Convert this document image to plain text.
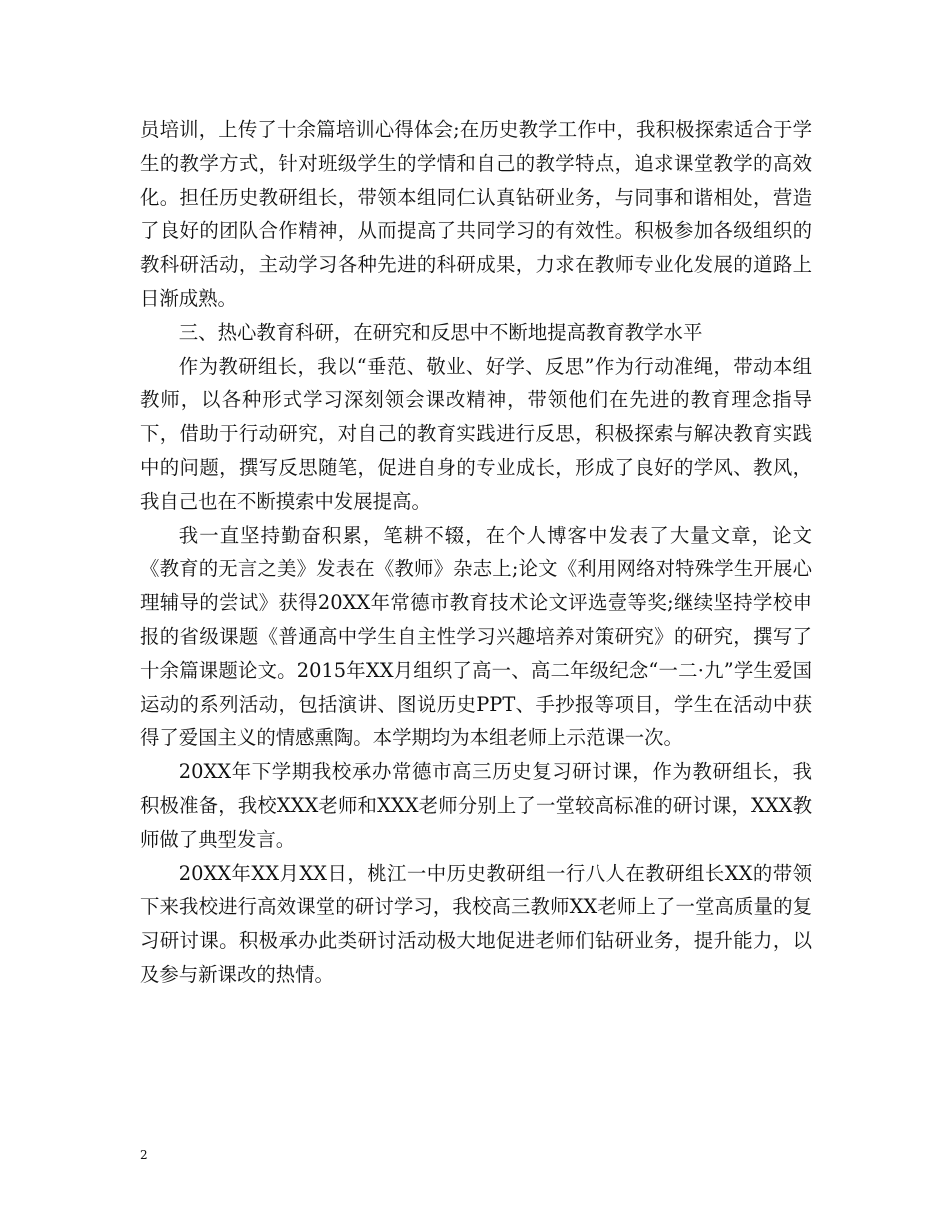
员培训，上传了十余篇培训心得体会;在历史教学工作中，我积极探索适合于学生的教学方式，针对班级学生的学情和自己的教学特点，追求课堂教学的高效化。担任历史教研组长，带领本组同仁认真钻研业务，与同事和谐相处，营造了良好的团队合作精神，从而提高了共同学习的有效性。积极参加各级组织的教科研活动，主动学习各种先进的科研成果，力求在教师专业化发展的道路上日渐成熟。

三、热心教育科研，在研究和反思中不断地提高教育教学水平

作为教研组长，我以“垂范、敬业、好学、反思”作为行动准绳，带动本组教师，以各种形式学习深刻领会课改精神，带领他们在先进的教育理念指导下，借助于行动研究，对自己的教育实践进行反思，积极探索与解决教育实践中的问题，撰写反思随笔，促进自身的专业成长，形成了良好的学风、教风，我自己也在不断摸索中发展提高。

我一直坚持勤奋积累，笔耕不辍，在个人博客中发表了大量文章，论文《教育的无言之美》发表在《教师》杂志上;论文《利用网络对特殊学生开展心理辅导的尝试》获得20XX年常德市教育技术论文评选壹等奖;继续坚持学校申报的省级课题《普通高中学生自主性学习兴趣培养对策研究》的研究，撰写了十余篇课题论文。2015年XX月组织了高一、高二年级纪念“一二·九”学生爱国运动的系列活动，包括演讲、图说历史PPT、手抄报等项目，学生在活动中获得了爱国主义的情感熏陶。本学期均为本组老师上示范课一次。

20XX年下学期我校承办常德市高三历史复习研讨课，作为教研组长，我积极准备，我校XXX老师和XXX老师分别上了一堂较高标准的研讨课，XXX教师做了典型发言。

20XX年XX月XX日，桃江一中历史教研组一行八人在教研组长XX的带领下来我校进行高效课堂的研讨学习，我校高三教师XX老师上了一堂高质量的复习研讨课。积极承办此类研讨活动极大地促进老师们钻研业务，提升能力，以及参与新课改的热情。

2
